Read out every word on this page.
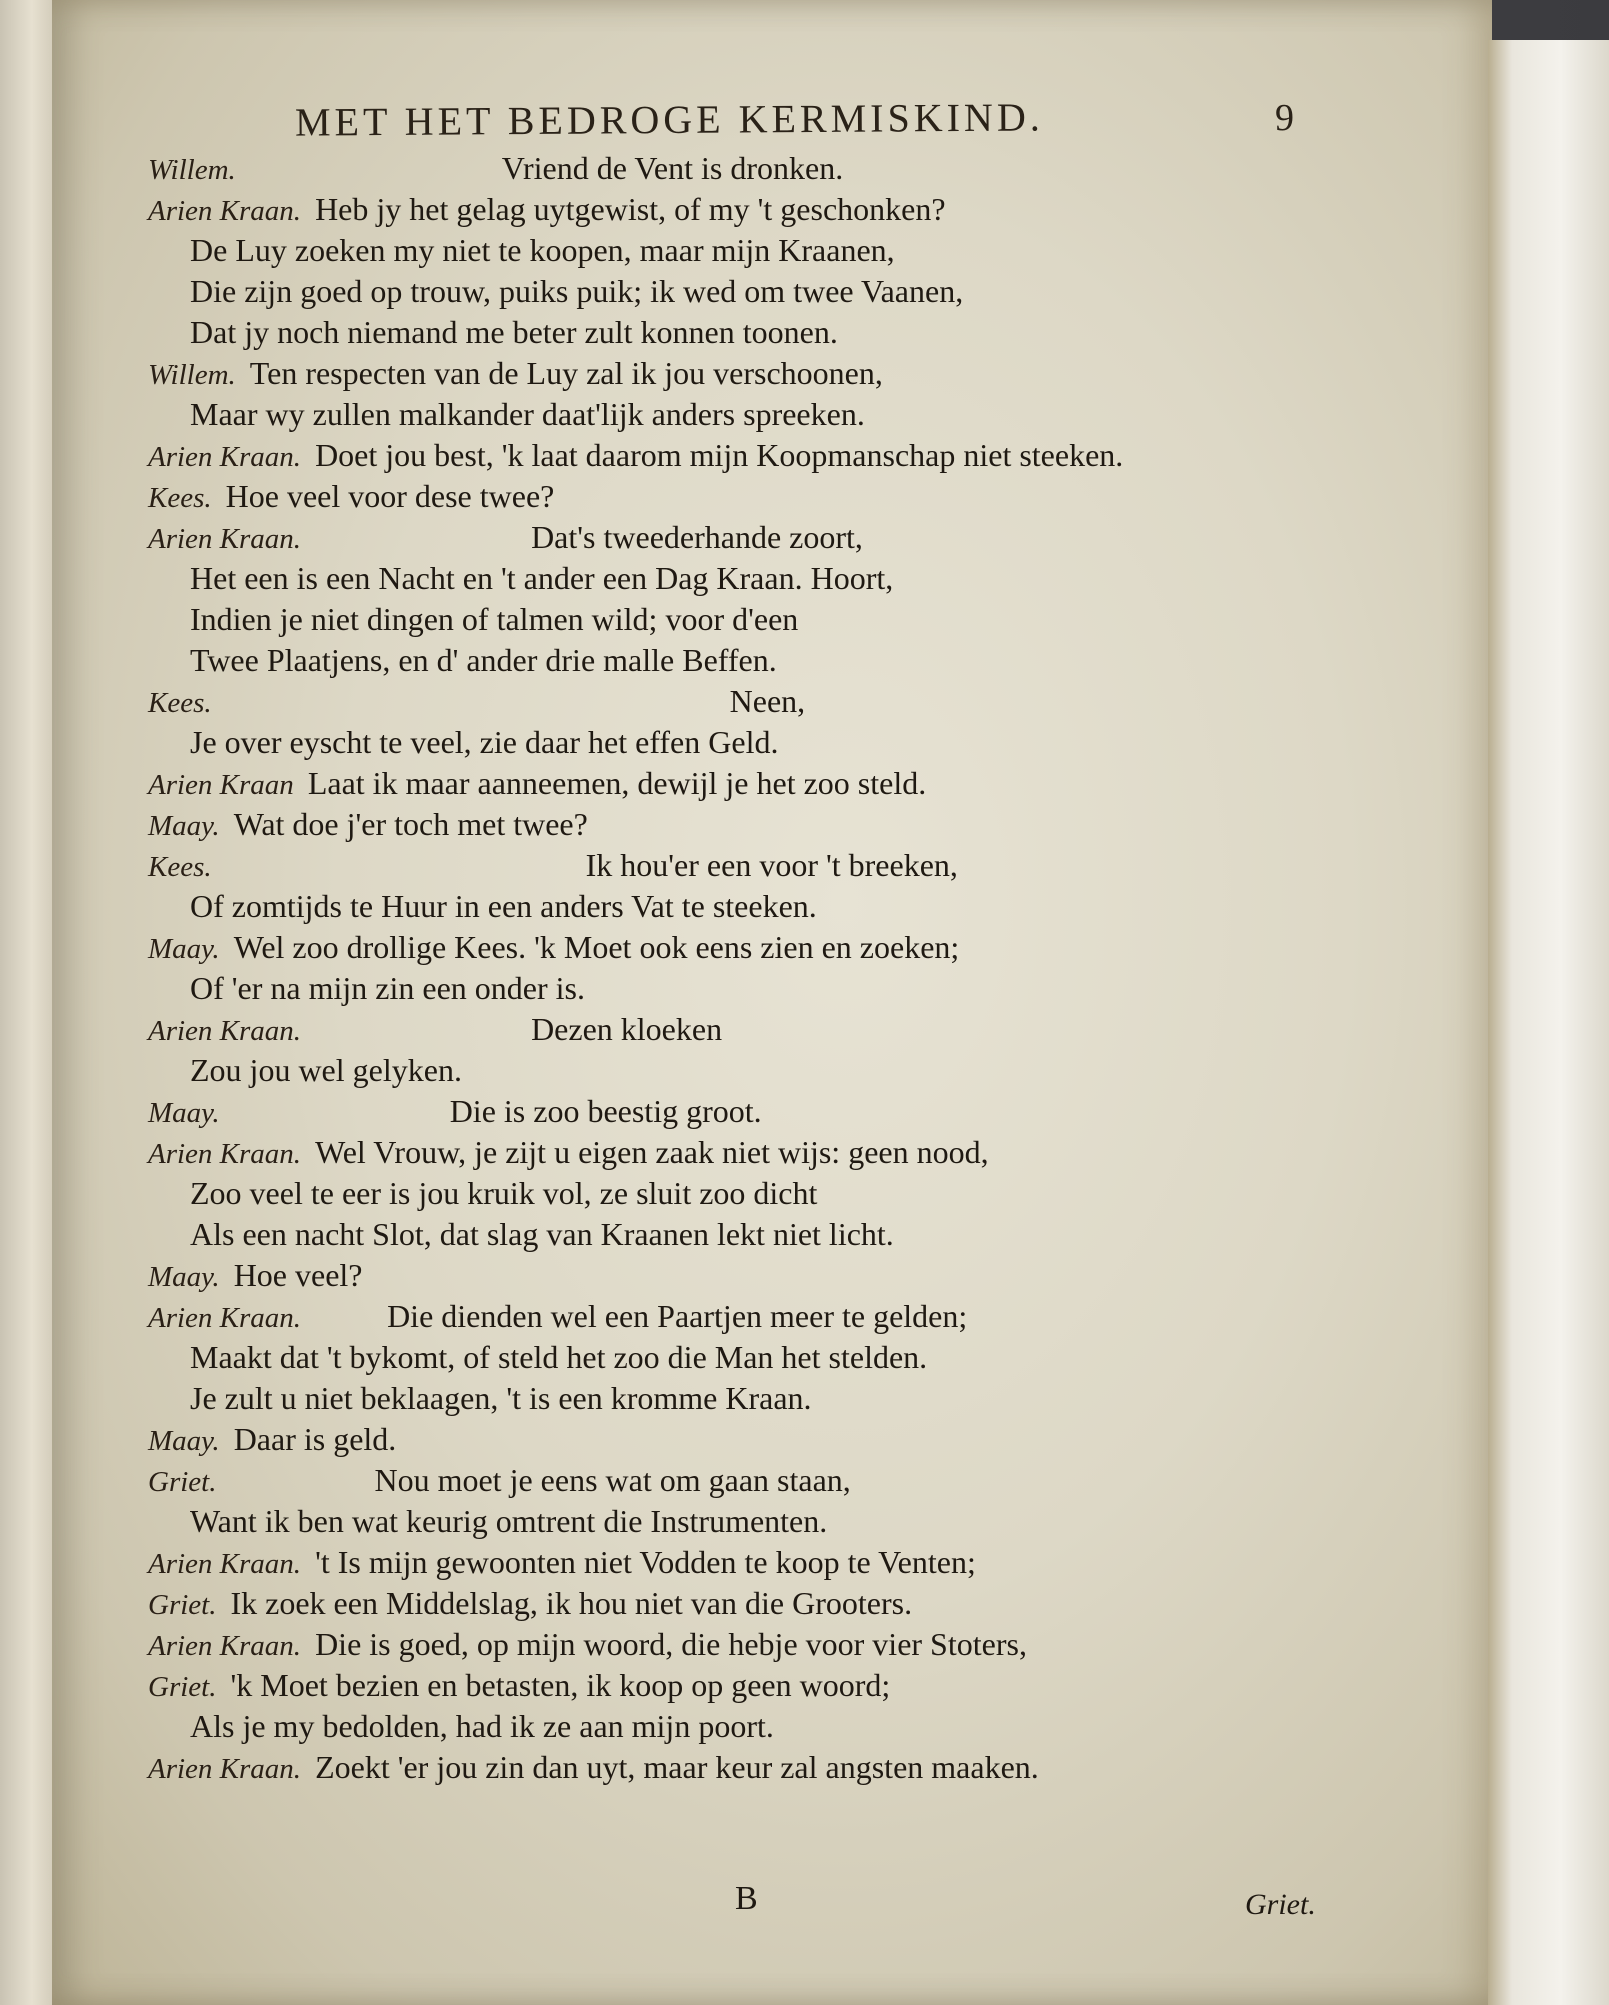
MET HET BEDROGE KERMISKIND.	9
Willem.	Vriend de Vent is dronken.
Arien Kraan. Heb jy het gelag uytgewist, of my 't geschonken?
De Luy zoeken my niet te koopen, maar mijn Kraanen,
Die zijn goed op trouw, puiks puik; ik wed om twee Vaanen,
Dat jy noch niemand me beter zult konnen toonen.
Willem. Ten respecten van de Luy zal ik jou verschoonen,
Maar wy zullen malkander daat'lijk anders spreeken.
Arien Kraan. Doet jou best, 'k laat daarom mijn Koopmanschap niet steeken.
Kees. Hoe veel voor dese twee?
Arien Kraan.	Dat's tweederhande zoort,
Het een is een Nacht en 't ander een Dag Kraan. Hoort,
Indien je niet dingen of talmen wild; voor d'een
Twee Plaatjens, en d' ander drie malle Beffen.
Kees.	Neen,
Je over eyscht te veel, zie daar het effen Geld.
Arien Kraan Laat ik maar aanneemen, dewijl je het zoo steld.
Maay. Wat doe j'er toch met twee?
Kees.	Ik hou'er een voor 't breeken,
Of zomtijds te Huur in een anders Vat te steeken.
Maay. Wel zoo drollige Kees. 'k Moet ook eens zien en zoeken;
Of 'er na mijn zin een onder is.
Arien Kraan.	Dezen kloeken
Zou jou wel gelyken.
Maay.	Die is zoo beestig groot.
Arien Kraan. Wel Vrouw, je zijt u eigen zaak niet wijs: geen nood,
Zoo veel te eer is jou kruik vol, ze sluit zoo dicht
Als een nacht Slot, dat slag van Kraanen lekt niet licht.
Maay. Hoe veel?
Arien Kraan.	Die dienden wel een Paartjen meer te gelden;
Maakt dat 't bykomt, of steld het zoo die Man het stelden.
Je zult u niet beklaagen, 't is een kromme Kraan.
Maay. Daar is geld.
Griet.	Nou moet je eens wat om gaan staan,
Want ik ben wat keurig omtrent die Instrumenten.
Arien Kraan. 't Is mijn gewoonten niet Vodden te koop te Venten;
Griet. Ik zoek een Middelslag, ik hou niet van die Grooters.
Arien Kraan. Die is goed, op mijn woord, die hebje voor vier Stoters,
Griet. 'k Moet bezien en betasten, ik koop op geen woord;
Als je my bedolden, had ik ze aan mijn poort.
Arien Kraan. Zoekt 'er jou zin dan uyt, maar keur zal angsten maaken.
B	Griet.
